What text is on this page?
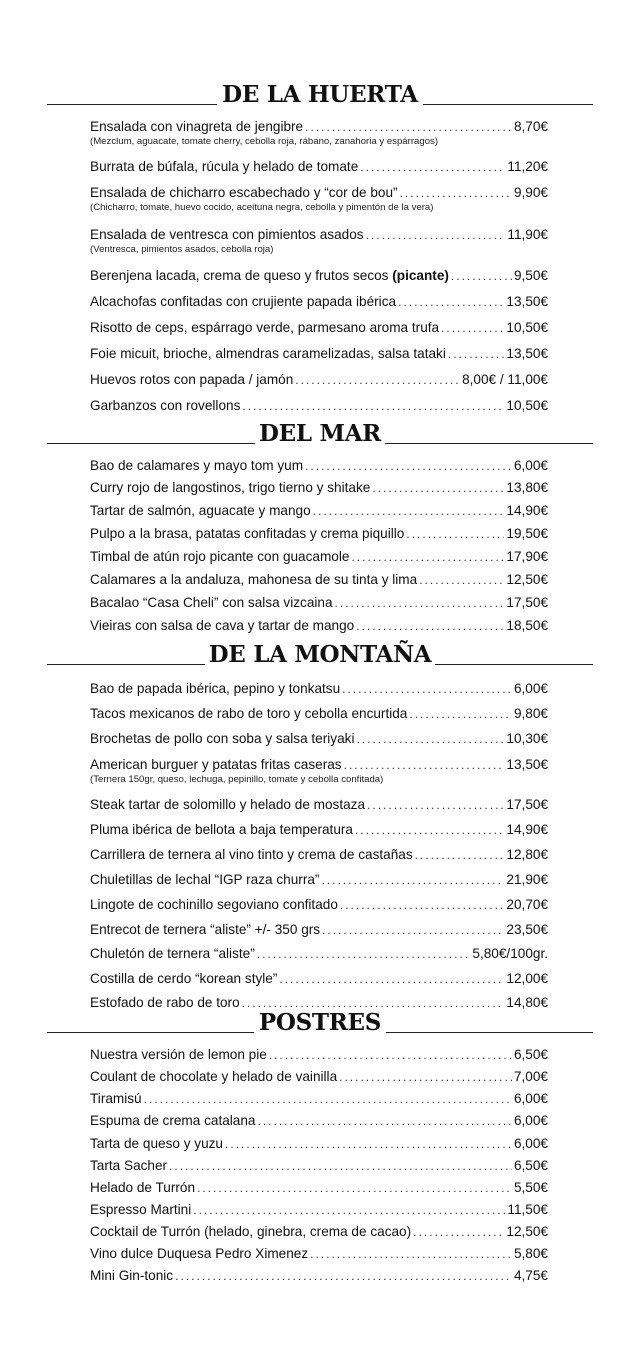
DE LA HUERTA
Ensalada con vinagreta de jengibre .....	8,70€
(Mezclum, aguacate, tomate cherry, cebolla roja, rábano, zanahoria y espárragos)
Burrata de búfala, rúcula y helado de tomate .....	11,20€
Ensalada de chicharro escabechado y “cor de bou” .....	9,90€
(Chicharro, tomate, huevo cocido, aceituna negra, cebolla y pimentón de la vera)
Ensalada de ventresca con pimientos asados .....	11,90€
(Ventresca, pimientos asados, cebolla roja)
Berenjena lacada, crema de queso y frutos secos (picante) .....	9,50€
Alcachofas confitadas con crujiente papada ibérica .....	13,50€
Risotto de ceps, espárrago verde, parmesano aroma trufa .....	10,50€
Foie micuit, brioche, almendras caramelizadas, salsa tataki .....	13,50€
Huevos rotos con papada / jamón .....	8,00€ / 11,00€
Garbanzos con rovellons .....	10,50€
DEL MAR
Bao de calamares y mayo tom yum .....	6,00€
Curry rojo de langostinos, trigo tierno y shitake .....	13,80€
Tartar de salmón, aguacate y mango .....	14,90€
Pulpo a la brasa, patatas confitadas y crema piquillo .....	19,50€
Timbal de atún rojo picante con guacamole .....	17,90€
Calamares a la andaluza, mahonesa de su tinta y lima .....	12,50€
Bacalao “Casa Cheli” con salsa vizcaina .....	17,50€
Vieiras con salsa de cava y tartar de mango .....	18,50€
DE LA MONTAÑA
Bao de papada ibérica, pepino y tonkatsu .....	6,00€
Tacos mexicanos de rabo de toro y cebolla encurtida .....	9,80€
Brochetas de pollo con soba y salsa teriyaki .....	10,30€
American burguer y patatas fritas caseras .....	13,50€
(Ternera 150gr, queso, lechuga, pepinillo, tomate y cebolla confitada)
Steak tartar de solomillo y helado de mostaza .....	17,50€
Pluma ibérica de bellota a baja temperatura .....	14,90€
Carrillera de ternera al vino tinto y crema de castañas .....	12,80€
Chuletillas de lechal “IGP raza churra” .....	21,90€
Lingote de cochinillo segoviano confitado .....	20,70€
Entrecot de ternera “aliste” +/- 350 grs .....	23,50€
Chuletón de ternera “aliste” .....	5,80€/100gr.
Costilla de cerdo “korean style” .....	12,00€
Estofado de rabo de toro .....	14,80€
POSTRES
Nuestra versión de lemon pie .....	6,50€
Coulant de chocolate y helado de vainilla .....	7,00€
Tiramisú .....	6,00€
Espuma de crema catalana .....	6,00€
Tarta de queso y yuzu .....	6,00€
Tarta Sacher .....	6,50€
Helado de Turrón .....	5,50€
Espresso Martini .....	11,50€
Cocktail de Turrón (helado, ginebra, crema de cacao) .....	12,50€
Vino dulce Duquesa Pedro Ximenez .....	5,80€
Mini Gin-tonic .....	4,75€
